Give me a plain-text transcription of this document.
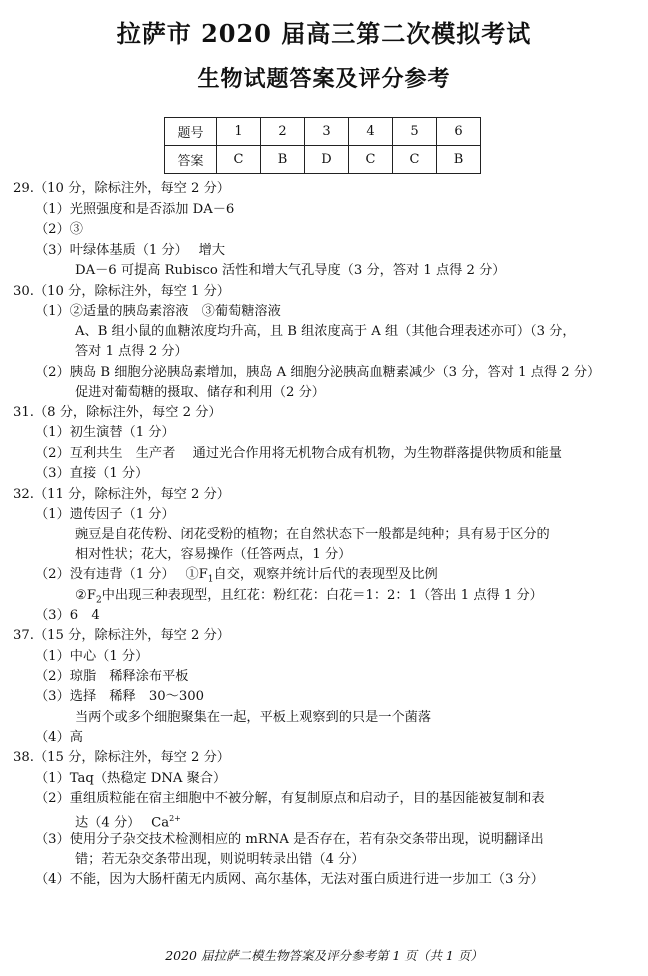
拉萨市 2020 届高三第二次模拟考试
生物试题答案及评分参考
题号	1	2	3	4	5	6
答案	C	B	D	C	C	B
29.（10 分，除标注外，每空 2 分）
（1）光照强度和是否添加 DA－6
（2）③
（3）叶绿体基质（1 分）　 增大
DA－6 可提高 Rubisco 活性和增大气孔导度（3 分，答对 1 点得 2 分）
30.（10 分，除标注外，每空 1 分）
（1）②适量的胰岛素溶液　③葡萄糖溶液
A、B 组小鼠的血糖浓度均升高，且 B 组浓度高于 A 组（其他合理表述亦可）（3 分，
答对 1 点得 2 分）
（2）胰岛 B 细胞分泌胰岛素增加，胰岛 A 细胞分泌胰高血糖素减少（3 分，答对 1 点得 2 分）
促进对葡萄糖的摄取、储存和利用（2 分）
31.（8 分，除标注外，每空 2 分）
（1）初生演替（1 分）
（2）互利共生　生产者　 通过光合作用将无机物合成有机物，为生物群落提供物质和能量
（3）直接（1 分）
32.（11 分，除标注外，每空 2 分）
（1）遗传因子（1 分）
豌豆是自花传粉、闭花受粉的植物；在自然状态下一般都是纯种；具有易于区分的
相对性状；花大，容易操作（任答两点，1 分）
（2）没有违背（1 分）　 $①F_1$自交，观察并统计后代的表现型及比例
$②F_2$中出现三种表现型，且红花：粉红花：白花＝1：2：1（答出 1 点得 1 分）
（3）6　4
37.（15 分，除标注外，每空 2 分）
（1）中心（1 分）
（2）琼脂　稀释涂布平板
（3）选择　稀释　30～300
当两个或多个细胞聚集在一起，平板上观察到的只是一个菌落
（4）高
38.（15 分，除标注外，每空 2 分）
（1）Taq（热稳定 DNA 聚合）
（2）重组质粒能在宿主细胞中不被分解，有复制原点和启动子，目的基因能被复制和表
达（4 分）　 $Ca^{2+}$
（3）使用分子杂交技术检测相应的 mRNA 是否存在，若有杂交条带出现，说明翻译出
错；若无杂交条带出现，则说明转录出错（4 分）
（4）不能，因为大肠杆菌无内质网、高尔基体，无法对蛋白质进行进一步加工（3 分）
2020 届拉萨二模生物答案及评分参考第 1 页（共 1 页）
